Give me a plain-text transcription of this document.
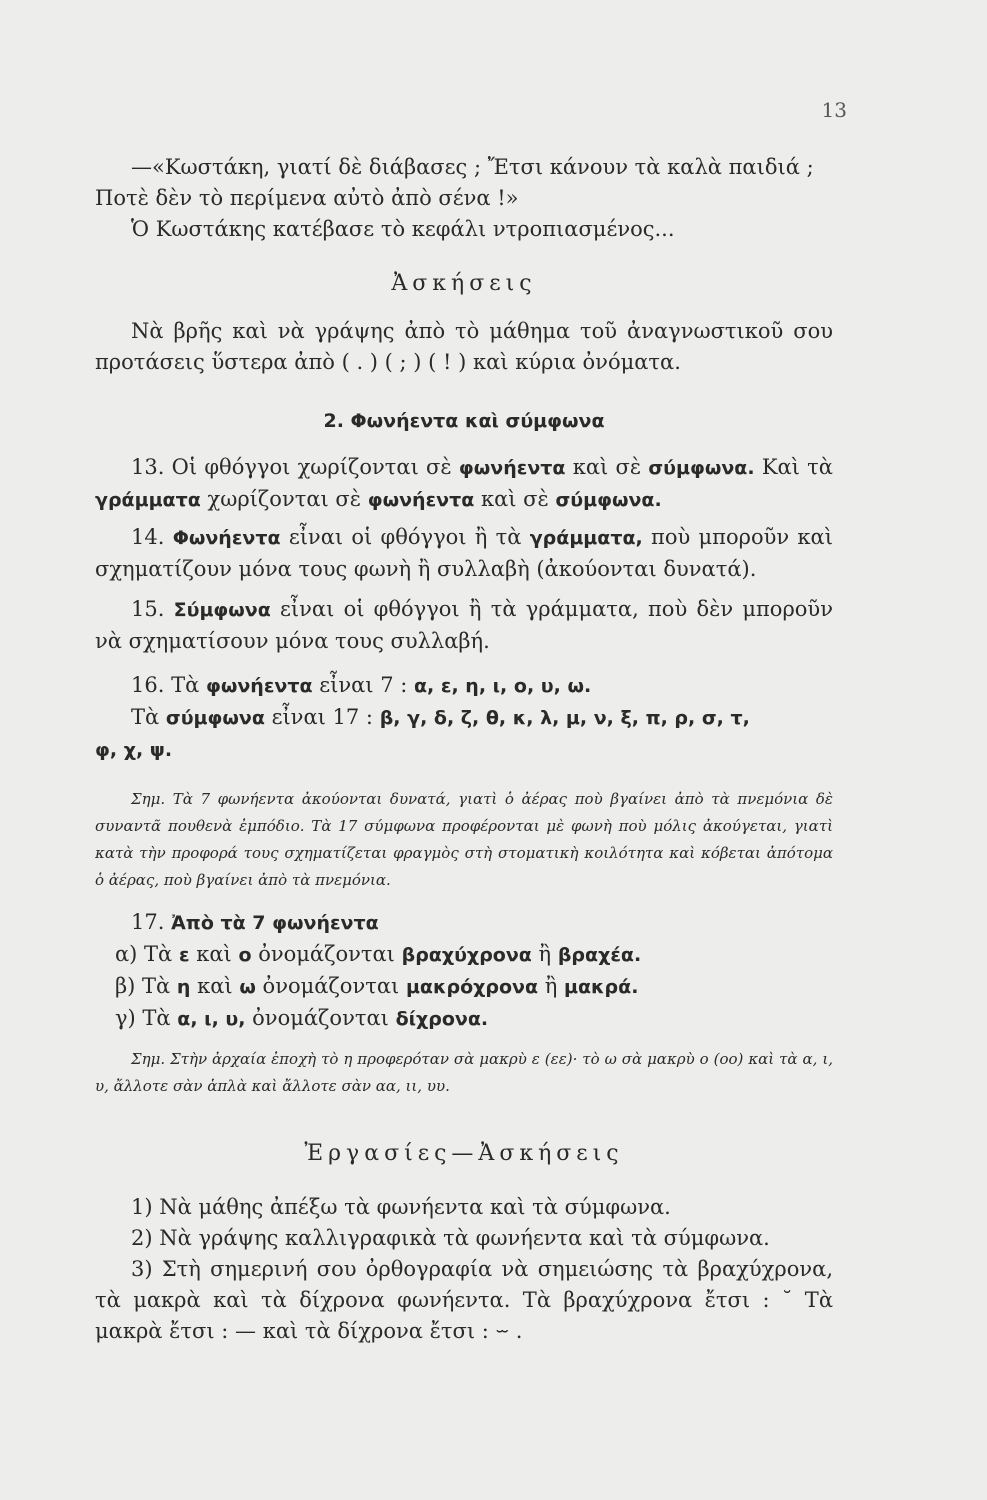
13
—«Κωστάκη, γιατί δὲ διάβασες ; Ἔτσι κάνουν τὰ καλὰ παιδιά ;
Ποτὲ δὲν τὸ περίμενα αὐτὸ ἀπὸ σένα !»
Ὁ Κωστάκης κατέβασε τὸ κεφάλι ντροπιασμένος...
Ἀσκήσεις
Νὰ βρῆς καὶ νὰ γράψης ἀπὸ τὸ μάθημα τοῦ ἀναγνωστικοῦ σου προτάσεις ὕστερα ἀπὸ ( . ) ( ; ) ( ! ) καὶ κύρια ὀνόματα.
2. Φωνήεντα καὶ σύμφωνα
13. Οἱ φθόγγοι χωρίζονται σὲ φωνήεντα καὶ σὲ σύμφωνα. Καὶ τὰ γράμματα χωρίζονται σὲ φωνήεντα καὶ σὲ σύμφωνα.
14. Φωνήεντα εἶναι οἱ φθόγγοι ἢ τὰ γράμματα, ποὺ μποροῦν καὶ σχηματίζουν μόνα τους φωνὴ ἢ συλλαβὴ (ἀκούονται δυνατά).
15. Σύμφωνα εἶναι οἱ φθόγγοι ἢ τὰ γράμματα, ποὺ δὲν μποροῦν νὰ σχηματίσουν μόνα τους συλλαβή.
16. Τὰ φωνήεντα εἶναι 7 : α, ε, η, ι, ο, υ, ω.
Τὰ σύμφωνα εἶναι 17 : β, γ, δ, ζ, θ, κ, λ, μ, ν, ξ, π, ρ, σ, τ,
φ, χ, ψ.
Σημ. Τὰ 7 φωνήεντα ἀκούονται δυνατά, γιατὶ ὁ ἀέρας ποὺ βγαίνει ἀπὸ τὰ πνεμόνια δὲ συναντᾶ πουθενὰ ἐμπόδιο. Τὰ 17 σύμφωνα προφέρονται μὲ φωνὴ ποὺ μόλις ἀκούγεται, γιατὶ κατὰ τὴν προφορά τους σχηματίζεται φραγμὸς στὴ στοματικὴ κοιλότητα καὶ κόβεται ἀπότομα ὁ ἀέρας, ποὺ βγαίνει ἀπὸ τὰ πνεμόνια.
17. Ἀπὸ τὰ 7 φωνήεντα
α) Τὰ ε καὶ ο ὀνομάζονται βραχύχρονα ἢ βραχέα.
β) Τὰ η καὶ ω ὀνομάζονται μακρόχρονα ἢ μακρά.
γ) Τὰ α, ι, υ, ὀνομάζονται δίχρονα.
Σημ. Στὴν ἀρχαία ἐποχὴ τὸ η προφερόταν σὰ μακρὺ ε (εε)· τὸ ω σὰ μακρὺ ο (οο) καὶ τὰ α, ι, υ, ἄλλοτε σὰν ἁπλὰ καὶ ἄλλοτε σὰν αα, ιι, υυ.
Ἐργασίες—Ἀσκήσεις
1) Νὰ μάθης ἀπέξω τὰ φωνήεντα καὶ τὰ σύμφωνα.
2) Νὰ γράψης καλλιγραφικὰ τὰ φωνήεντα καὶ τὰ σύμφωνα.
3) Στὴ σημερινή σου ὀρθογραφία νὰ σημειώσης τὰ βραχύχρονα, τὰ μακρὰ καὶ τὰ δίχρονα φωνήεντα. Τὰ βραχύχρονα ἔτσι : ˘ Τὰ μακρὰ ἔτσι : — καὶ τὰ δίχρονα ἔτσι : ⏖ .
